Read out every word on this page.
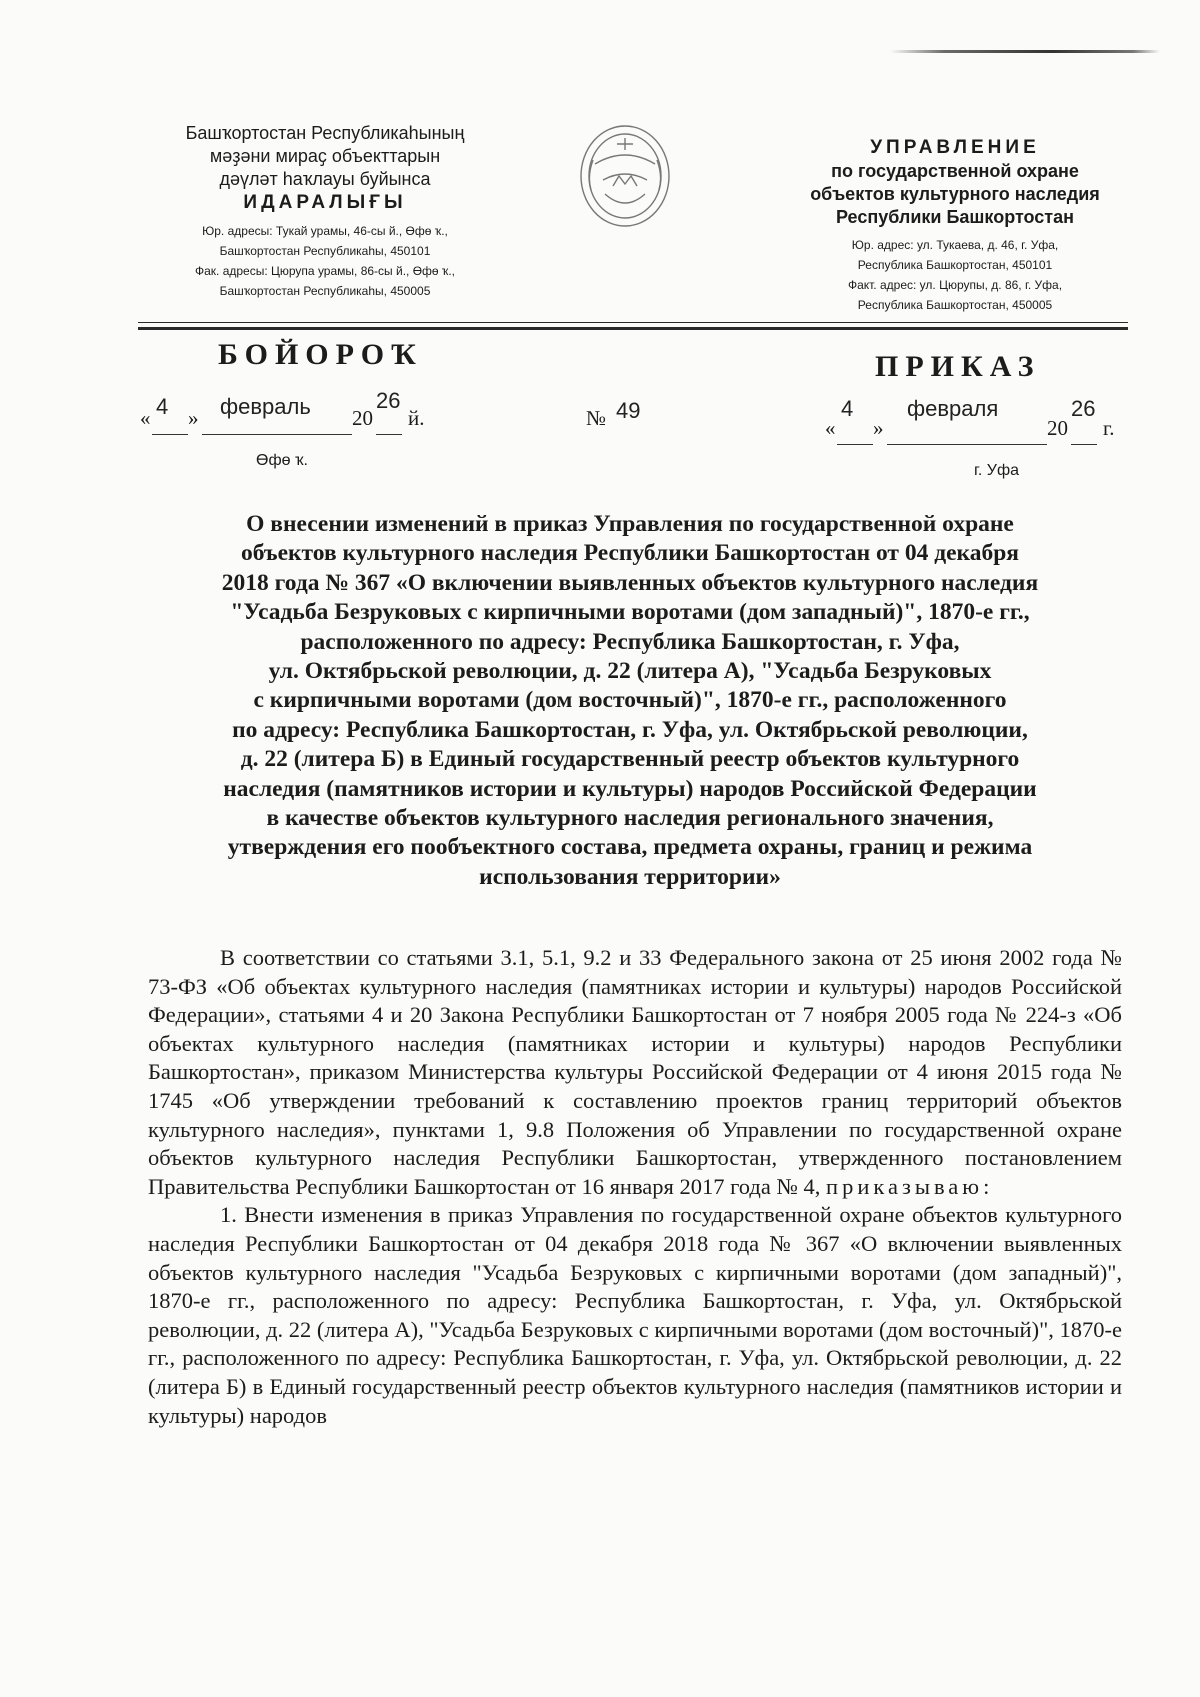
Башҡортостан Республикаһының
мәҙәни мираҫ объекттарын
дәүләт һаҡлауы буйынса
ИДАРАЛЫҒЫ
Юр. адресы: Тукай урамы, 46-сы й., Өфө ҡ.,
Башҡортостан Республикаһы, 450101
Фак. адресы: Цюрупа урамы, 86-сы й., Өфө ҡ.,
Башҡортостан Республикаһы, 450005
УПРАВЛЕНИЕ
по государственной охране
объектов культурного наследия
Республики Башкортостан
Юр. адрес: ул. Тукаева, д. 46, г. Уфа,
Республика Башкортостан, 450101
Факт. адрес: ул. Цюрупы, д. 86, г. Уфа,
Республика Башкортостан, 450005
БОЙОРОҠ	ПРИКАЗ
« 4 » февраль 20
26
й.	№ 49
«
4
»
февраля
20
26
г.
Өфө ҡ.
г. Уфа
О внесении изменений в приказ Управления по государственной охране
объектов культурного наследия Республики Башкортостан от 04 декабря
2018 года № 367 «О включении выявленных объектов культурного наследия
"Усадьба Безруковых с кирпичными воротами (дом западный)", 1870-е гг.,
расположенного по адресу: Республика Башкортостан, г. Уфа,
ул. Октябрьской революции, д. 22 (литера А), "Усадьба Безруковых
с кирпичными воротами (дом восточный)", 1870-е гг., расположенного
по адресу: Республика Башкортостан, г. Уфа, ул. Октябрьской революции,
д. 22 (литера Б) в Единый государственный реестр объектов культурного
наследия (памятников истории и культуры) народов Российской Федерации
в качестве объектов культурного наследия регионального значения,
утверждения его пообъектного состава, предмета охраны, границ и режима
использования территории»

В соответствии со статьями 3.1, 5.1, 9.2 и 33 Федерального закона от 25 июня 2002 года № 73-ФЗ «Об объектах культурного наследия (памятниках истории и культуры) народов Российской Федерации», статьями 4 и 20 Закона Республики Башкортостан от 7 ноября 2005 года № 224-з «Об объектах культурного наследия (памятниках истории и культуры) народов Республики Башкортостан», приказом Министерства культуры Российской Федерации от 4 июня 2015 года № 1745 «Об утверждении требований к составлению проектов границ территорий объектов культурного наследия», пунктами 1, 9.8 Положения об Управлении по государственной охране объектов культурного наследия Республики Башкортостан, утвержденного постановлением Правительства Республики Башкортостан от 16 января 2017 года № 4, приказываю:

1. Внести изменения в приказ Управления по государственной охране объектов культурного наследия Республики Башкортостан от 04 декабря 2018 года № 367 «О включении выявленных объектов культурного наследия "Усадьба Безруковых с кирпичными воротами (дом западный)", 1870-е гг., расположенного по адресу: Республика Башкортостан, г. Уфа, ул. Октябрьской революции, д. 22 (литера А), "Усадьба Безруковых с кирпичными воротами (дом восточный)", 1870-е гг., расположенного по адресу: Республика Башкортостан, г. Уфа, ул. Октябрьской революции, д. 22 (литера Б) в Единый государственный реестр объектов культурного наследия (памятников истории и культуры) народов
